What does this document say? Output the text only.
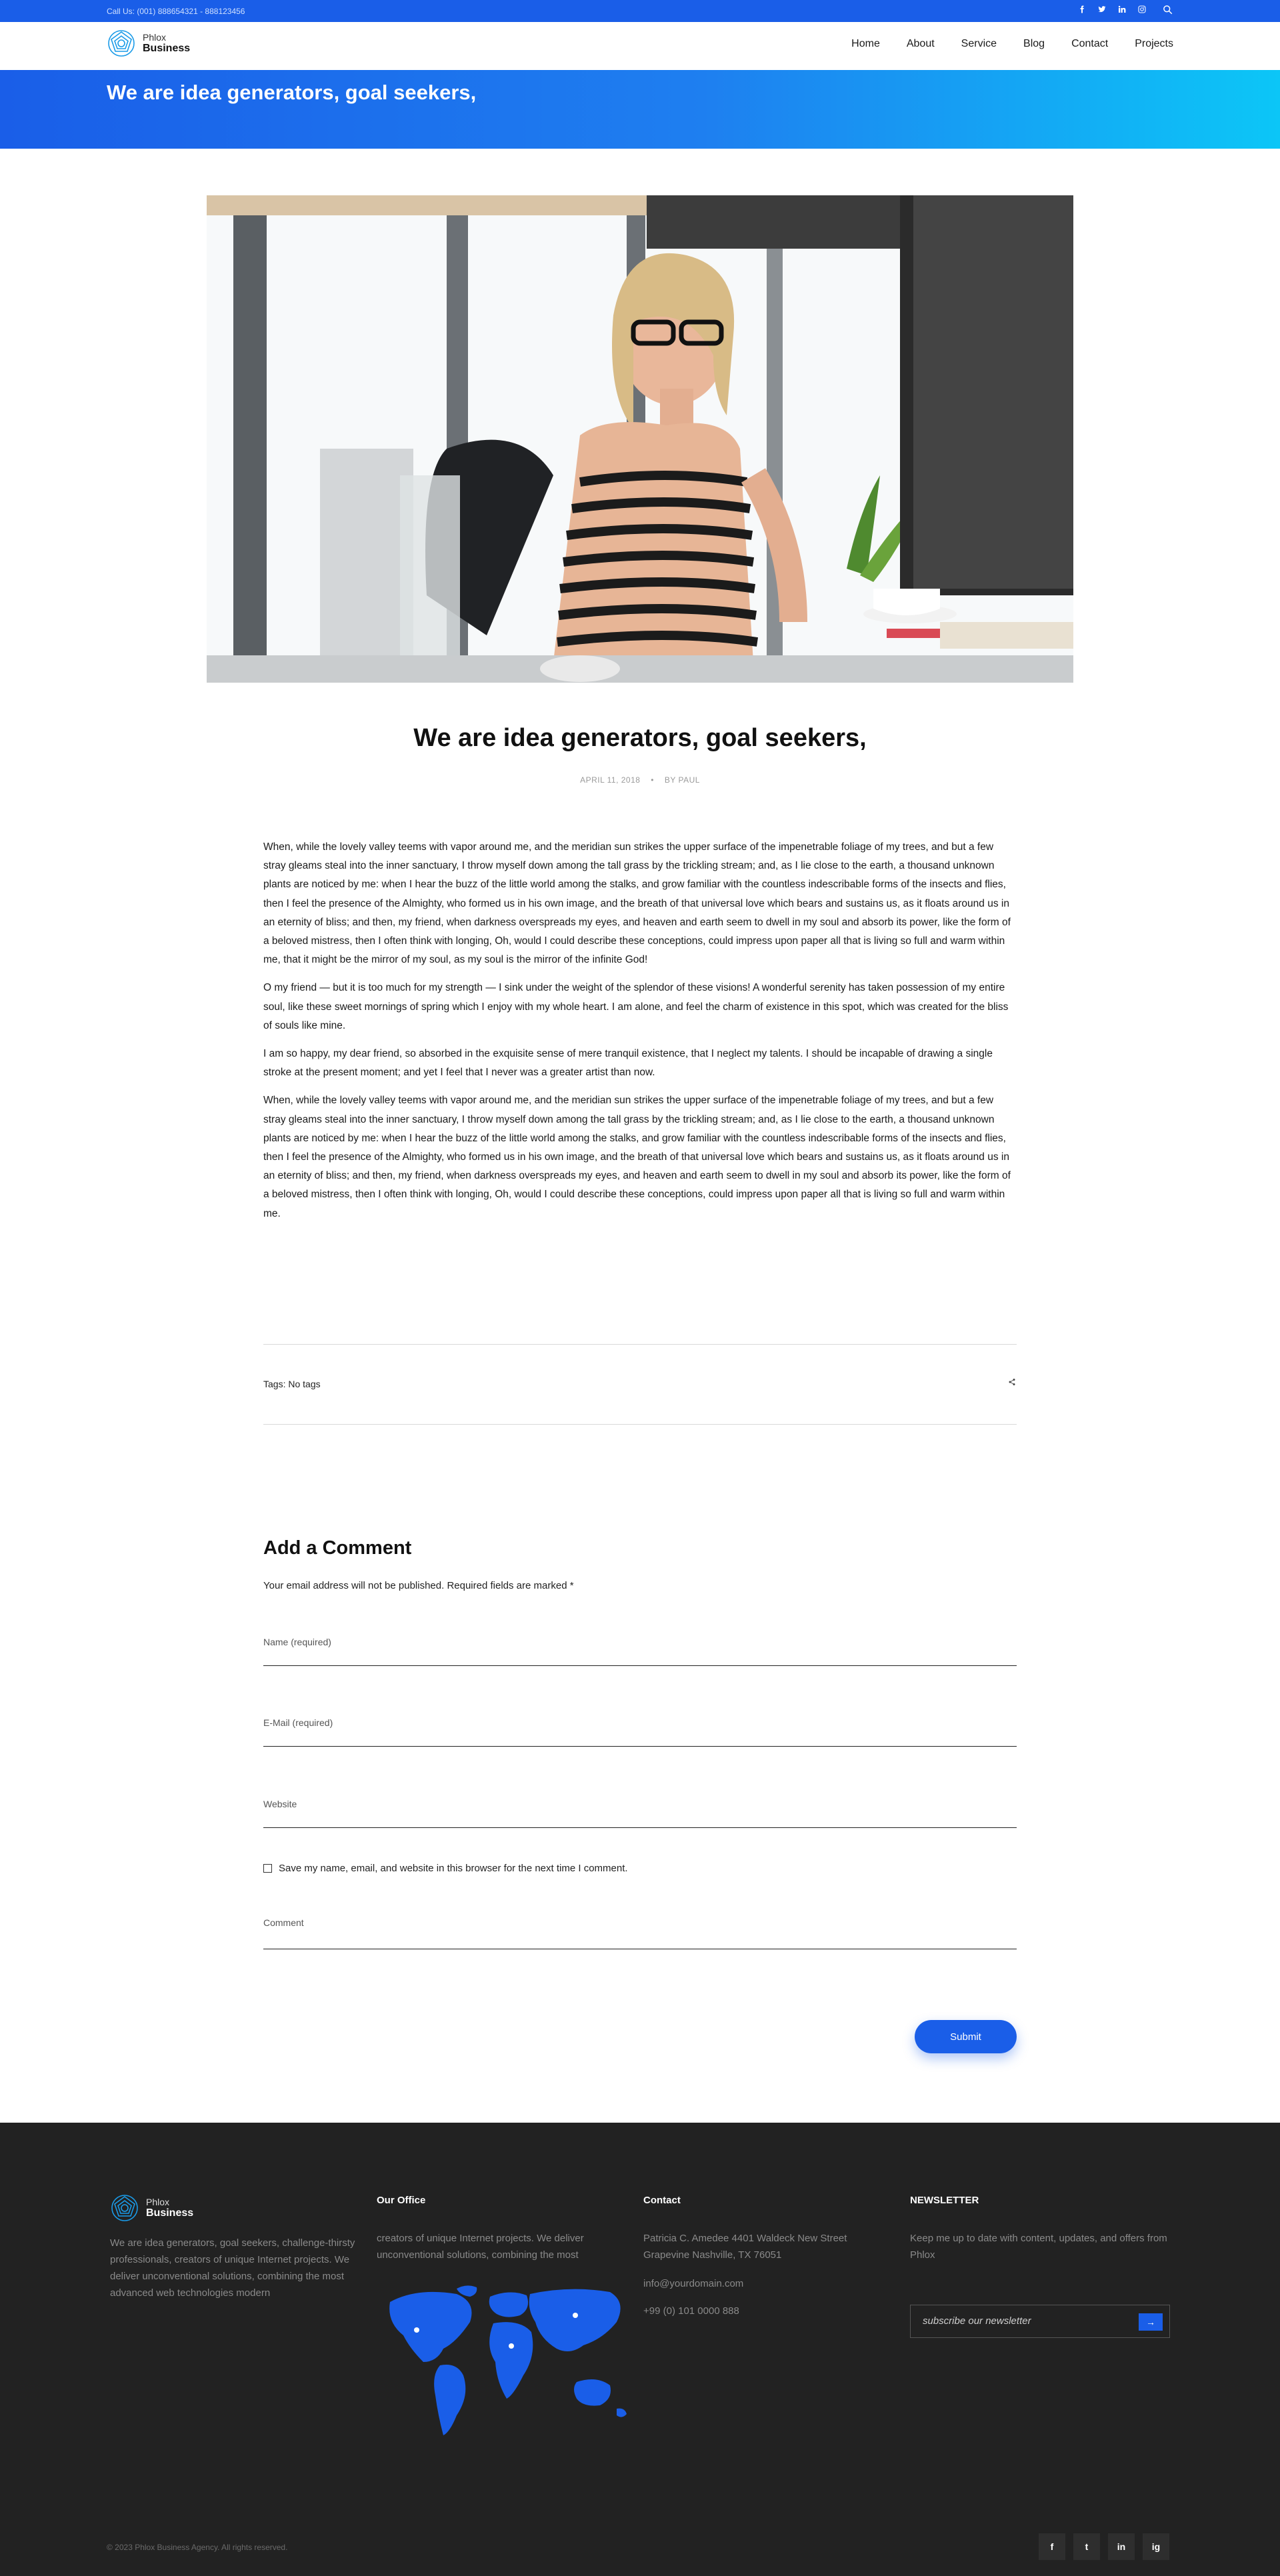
Call Us: (001) 888654321 - 888123456
Phlox
Business	Home	About	Service	Blog	Contact	Projects
We are idea generators, goal seekers,
We are idea generators, goal seekers,
APRIL 11, 2018 • BY PAUL

When, while the lovely valley teems with vapor around me, and the meridian sun strikes the upper surface of the impenetrable foliage of my trees, and but a few stray gleams steal into the inner sanctuary, I throw myself down among the tall grass by the trickling stream; and, as I lie close to the earth, a thousand unknown plants are noticed by me: when I hear the buzz of the little world among the stalks, and grow familiar with the countless indescribable forms of the insects and flies, then I feel the presence of the Almighty, who formed us in his own image, and the breath of that universal love which bears and sustains us, as it floats around us in an eternity of bliss; and then, my friend, when darkness overspreads my eyes, and heaven and earth seem to dwell in my soul and absorb its power, like the form of a beloved mistress, then I often think with longing, Oh, would I could describe these conceptions, could impress upon paper all that is living so full and warm within me, that it might be the mirror of my soul, as my soul is the mirror of the infinite God!

O my friend — but it is too much for my strength — I sink under the weight of the splendor of these visions! A wonderful serenity has taken possession of my entire soul, like these sweet mornings of spring which I enjoy with my whole heart. I am alone, and feel the charm of existence in this spot, which was created for the bliss of souls like mine.

I am so happy, my dear friend, so absorbed in the exquisite sense of mere tranquil existence, that I neglect my talents. I should be incapable of drawing a single stroke at the present moment; and yet I feel that I never was a greater artist than now.

When, while the lovely valley teems with vapor around me, and the meridian sun strikes the upper surface of the impenetrable foliage of my trees, and but a few stray gleams steal into the inner sanctuary, I throw myself down among the tall grass by the trickling stream; and, as I lie close to the earth, a thousand unknown plants are noticed by me: when I hear the buzz of the little world among the stalks, and grow familiar with the countless indescribable forms of the insects and flies, then I feel the presence of the Almighty, who formed us in his own image, and the breath of that universal love which bears and sustains us, as it floats around us in an eternity of bliss; and then, my friend, when darkness overspreads my eyes, and heaven and earth seem to dwell in my soul and absorb its power, like the form of a beloved mistress, then I often think with longing, Oh, would I could describe these conceptions, could impress upon paper all that is living so full and warm within me.

Tags: No tags
Add a Comment
Your email address will not be published. Required fields are marked *
Name (required)
E-Mail (required)
Website
Save my name, email, and website in this browser for the next time I comment.
Comment
Submit
Phlox
Business

We are idea generators, goal seekers, challenge-thirsty professionals, creators of unique Internet projects. We deliver unconventional solutions, combining the most advanced web technologies modern

Our Office

creators of unique Internet projects. We deliver unconventional solutions, combining the most

Contact

Patricia C. Amedee 4401 Waldeck New Street Grapevine Nashville, TX 76051

info@yourdomain.com

+99 (0) 101 0000 888

NEWSLETTER

Keep me up to date with content, updates, and offers from Phlox

subscribe our newsletter
→
© 2023 Phlox Business Agency. All rights reserved.	f	t	in	ig
